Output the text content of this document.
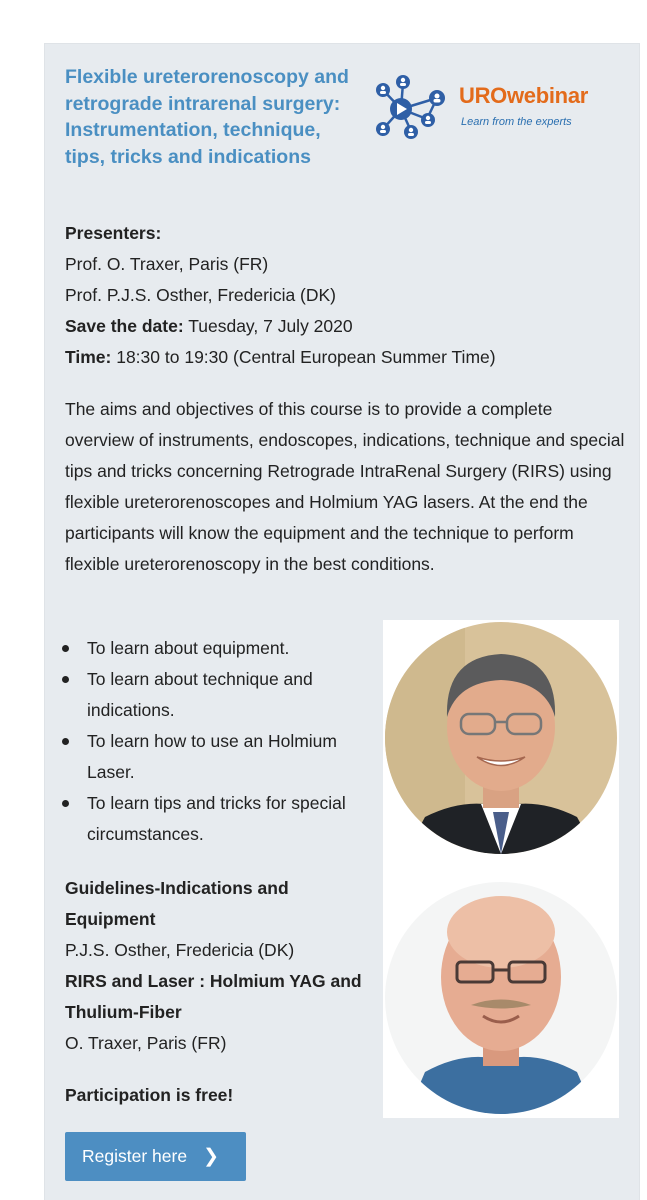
Flexible ureterorenoscopy and retrograde intrarenal surgery: Instrumentation, technique, tips, tricks and indications
UROwebinar
Learn from the experts
Presenters:
Prof. O. Traxer, Paris (FR)
Prof. P.J.S. Osther, Fredericia (DK)
Save the date: Tuesday, 7 July 2020
Time: 18:30 to 19:30 (Central European Summer Time)

The aims and objectives of this course is to provide a complete overview of instruments, endoscopes, indications, technique and special tips and tricks concerning Retrograde IntraRenal Surgery (RIRS) using flexible ureterorenoscopes and Holmium YAG lasers. At the end the participants will know the equipment and the technique to perform flexible ureterorenoscopy in the best conditions.

To learn about equipment.
To learn about technique and indications.
To learn how to use an Holmium Laser.
To learn tips and tricks for special circumstances.
Guidelines-Indications and Equipment
P.J.S. Osther, Fredericia (DK)
RIRS and Laser : Holmium YAG and Thulium-Fiber
O. Traxer, Paris (FR)
Participation is free!
Register here ❯
